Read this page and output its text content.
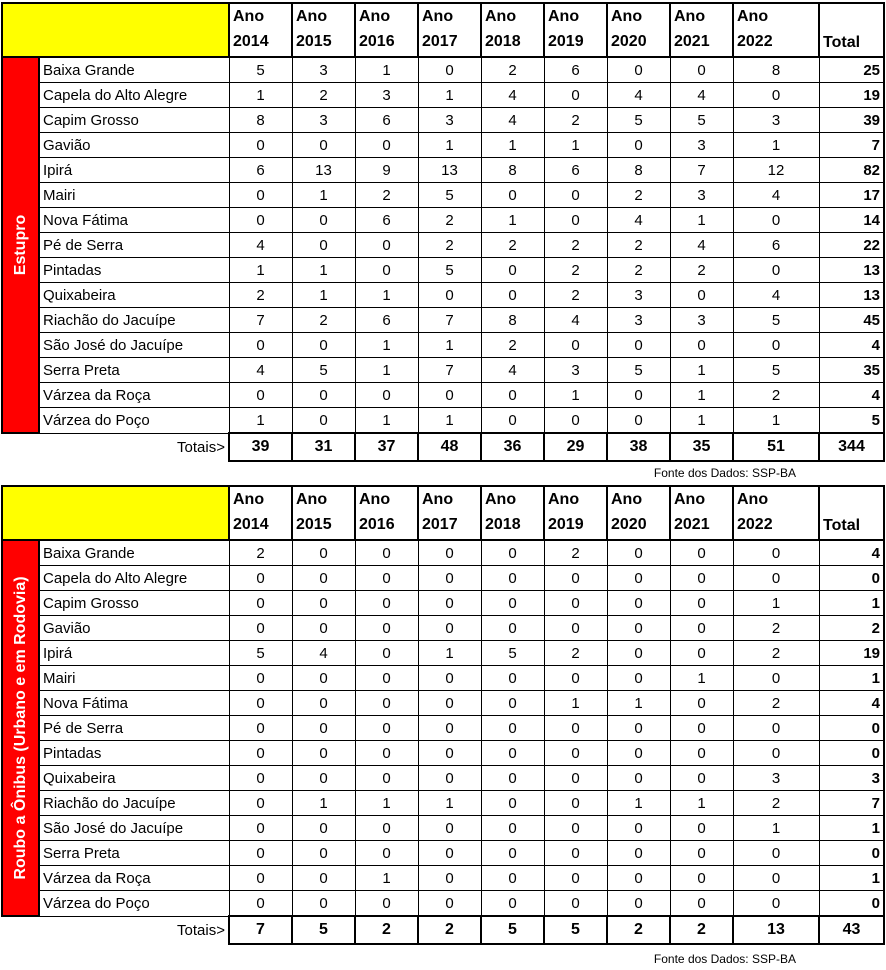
		Ano 2014	Ano 2015	Ano 2016	Ano 2017	Ano 2018	Ano 2019	Ano 2020	Ano 2021	Ano 2022	Total

Estupro	Baixa Grande	5	3	1	0	2	6	0	0	8	25
	Capela do Alto Alegre	1	2	3	1	4	0	4	4	0	19
	Capim Grosso	8	3	6	3	4	2	5	5	3	39
	Gavião	0	0	0	1	1	1	0	3	1	7
	Ipirá	6	13	9	13	8	6	8	7	12	82
	Mairi	0	1	2	5	0	0	2	3	4	17
	Nova Fátima	0	0	6	2	1	0	4	1	0	14
	Pé de Serra	4	0	0	2	2	2	2	4	6	22
	Pintadas	1	1	0	5	0	2	2	2	0	13
	Quixabeira	2	1	1	0	0	2	3	0	4	13
	Riachão do Jacuípe	7	2	6	7	8	4	3	3	5	45
	São José do Jacuípe	0	0	1	1	2	0	0	0	0	4
	Serra Preta	4	5	1	7	4	3	5	1	5	35
	Várzea da Roça	0	0	0	0	0	1	0	1	2	4
	Várzea do Poço	1	0	1	1	0	0	0	1	1	5
	Totais>	39	31	37	48	36	29	38	35	51	344
Fonte dos Dados: SSP-BA
		Ano 2014	Ano 2015	Ano 2016	Ano 2017	Ano 2018	Ano 2019	Ano 2020	Ano 2021	Ano 2022	Total

Roubo a Ônibus (Urbano e em Rodovia)	Baixa Grande	2	0	0	0	0	2	0	0	0	4
	Capela do Alto Alegre	0	0	0	0	0	0	0	0	0	0
	Capim Grosso	0	0	0	0	0	0	0	0	1	1
	Gavião	0	0	0	0	0	0	0	0	2	2
	Ipirá	5	4	0	1	5	2	0	0	2	19
	Mairi	0	0	0	0	0	0	0	1	0	1
	Nova Fátima	0	0	0	0	0	1	1	0	2	4
	Pé de Serra	0	0	0	0	0	0	0	0	0	0
	Pintadas	0	0	0	0	0	0	0	0	0	0
	Quixabeira	0	0	0	0	0	0	0	0	3	3
	Riachão do Jacuípe	0	1	1	1	0	0	1	1	2	7
	São José do Jacuípe	0	0	0	0	0	0	0	0	1	1
	Serra Preta	0	0	0	0	0	0	0	0	0	0
	Várzea da Roça	0	0	1	0	0	0	0	0	0	1
	Várzea do Poço	0	0	0	0	0	0	0	0	0	0
	Totais>	7	5	2	2	5	5	2	2	13	43
Fonte dos Dados: SSP-BA
